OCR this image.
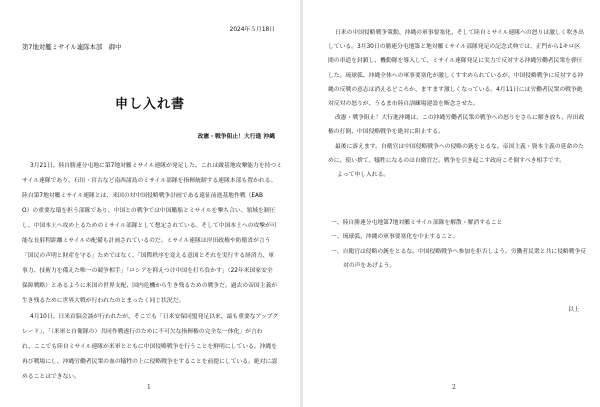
2024年５月18日
第7地対艦ミサイル連隊本部　御中
申し入れ書
改憲・戦争阻止！大行進 沖縄
3月21日、陸自勝連分屯地に第7地対艦ミサイル連隊が発足した。これは敵基地攻撃能力を持つミ
サイル連隊であり、石垣・宮古など南西諸島のミサイル部隊を指揮統制する連隊本部も置かれる。
陸自第7地対艦ミサイル連隊とは、米国の対中国侵略戦争計画である遠征前進基地作戦（EAB
O）の重要な環を担う部隊であり、中国との戦争では中国艦船とミサイルを撃ち合い、領域を制圧
し、中国本土へ攻め上るためのミサイル部隊として想定されている。そして中国本土への攻撃が可
能な長射程距離ミサイルの配備も計画されているのだ。ミサイル連隊は岸田政権や防衛省が言う
「国民の声明と財産を守る」ためではなく、「国際秩序を変える意図とそれを実行する経済力、軍
事力、技術力を備えた唯一の競争相手」「ロシアを抑えつけ中国を打ち負かす」（22年米国家安全
保障戦略）とあるように米国の世界支配、国内危機から生き残るための戦争だ。過去の帝国主義が
生き残るために世界大戦が行われたのとまったく同じ状況だ。
4月10日、日米首脳会談が行われたが、そこでも「日米安保同盟発足以来、最も重要なアップグ
レード」、「（米軍と自衛隊の）共同作戦遂行のために不可欠な指揮権の完全な一体化」が言わ
れ、ここでも陸自ミサイル連隊が米軍とともに中国侵略戦争を行うことを鮮明にしている。沖縄を
再び戦場にし、沖縄労働者民衆の血の犠牲の上に侵略戦争をすることを前提にしている。絶対に認
めることはできない。
1
日米の中国侵略戦争策動、沖縄の軍事要塞化、そして陸自ミサイル連隊への怒りは激しく吹き出
している。3月30日の勝連分屯地第と地対艦ミサイル部隊発足の記念式典では、正門から1キロ区
間の車道を封鎖し、機動隊を導入して、ミサイル連隊発足に実力で反対する沖縄労働者民衆を弾圧
した。琉球弧、沖縄全体への軍事要塞化が激しくすすめられているが、中国侵略戦争に反対する沖
縄の反戦の意志は消えるどころか、ますます激しくなっている。4月11日には労働者民衆の戦争絶
対反対の怒りが、うるま市陸自訓練場建設を断念させた。
改憲・戦争阻止！大行進沖縄は、この沖縄労働者民衆の戦争への怒りをさらに解き放ち、岸田政
権の打倒、中国侵略戦争を絶対に阻止する。
最後に訴えます。自衛官は中国侵略戦争への侵略の銃をとるな。帝国主義・資本主義の延命のた
めに、使い捨て、犠牲になるのは自衛官だ。戦争を引き起こす政府こそ倒すべき相手です。
よって申し入れる。
一、陸自勝連分屯地第7地対艦ミサイル部隊を解散・解消すること
一、琉球弧、沖縄の軍事要塞化を中止すること。
一、自衛官は侵略の銃をとるな。中国侵略戦争へ参加を拒否しよう。労働者民衆と共に侵略戦争反
対の声をあげよう。
以上
2
